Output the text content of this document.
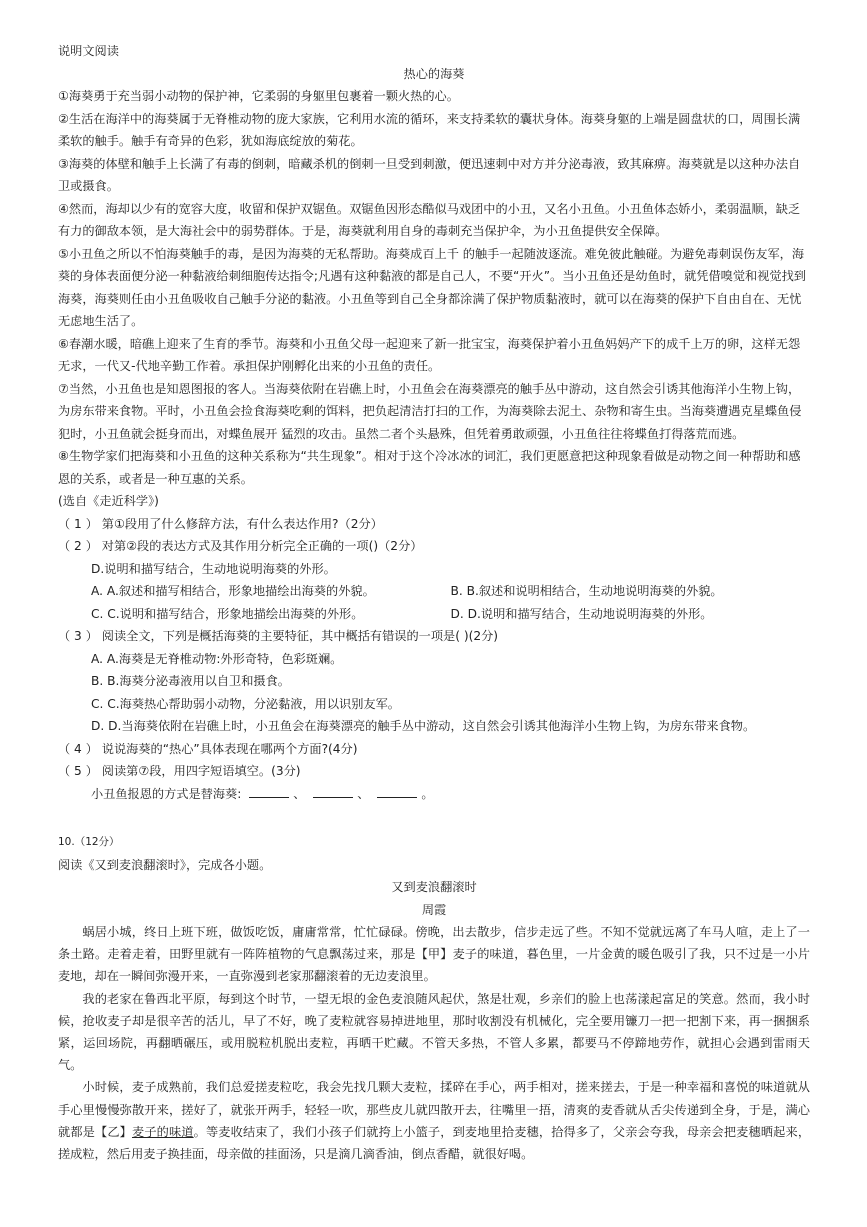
说明文阅读
热心的海葵
①海葵勇于充当弱小动物的保护神，它柔弱的身躯里包裹着一颗火热的心。
②生活在海洋中的海葵属于无脊椎动物的庞大家族，它利用水流的循环，来支持柔软的囊状身体。海葵身躯的上端是圆盘状的口，周围长满柔软的触手。触手有奇异的色彩，犹如海底绽放的菊花。
③海葵的体壁和触手上长满了有毒的倒刺，暗藏杀机的倒刺一旦受到刺激，便迅速刺中对方并分泌毒液，致其麻痹。海葵就是以这种办法自卫或摄食。
④然而，海却以少有的宽容大度，收留和保护双锯鱼。双锯鱼因形态酷似马戏团中的小丑，又名小丑鱼。小丑鱼体态娇小，柔弱温顺，缺乏有力的御敌本领，是大海社会中的弱势群体。于是，海葵就利用自身的毒刺充当保护伞，为小丑鱼提供安全保障。
⑤小丑鱼之所以不怕海葵触手的毒，是因为海葵的无私帮助。海葵成百上千 的触手一起随波逐流。难免彼此触碰。为避免毒刺误伤友军，海葵的身体表面便分泌一种黏液给刺细胞传达指令;凡遇有这种黏液的都是自己人，不要“开火”。当小丑鱼还是幼鱼时，就凭借嗅觉和视觉找到海葵，海葵则任由小丑鱼吸收自己触手分泌的黏液。小丑鱼等到自己全身都涂满了保护物质黏液时，就可以在海葵的保护下自由自在、无忧无虑地生活了。
⑥春潮水暖，暗礁上迎来了生育的季节。海葵和小丑鱼父母一起迎来了新一批宝宝，海葵保护着小丑鱼妈妈产下的成千上万的卵，这样无怨无求，一代又-代地辛勤工作着。承担保护刚孵化出来的小丑鱼的责任。
⑦当然，小丑鱼也是知恩图报的客人。当海葵依附在岩礁上时，小丑鱼会在海葵漂亮的触手丛中游动，这自然会引诱其他海洋小生物上钩，为房东带来食物。平时，小丑鱼会捡食海葵吃剩的饵料，把负起清洁打扫的工作，为海葵除去泥土、杂物和寄生虫。当海葵遭遇克星蝶鱼侵犯时，小丑鱼就会挺身而出，对蝶鱼展开 猛烈的攻击。虽然二者个头悬殊，但凭着勇敢顽强，小丑鱼往往将蝶鱼打得落荒而逃。
⑧生物学家们把海葵和小丑鱼的这种关系称为“共生现象”。相对于这个冷冰冰的词汇，我们更愿意把这种现象看做是动物之间一种帮助和感恩的关系，或者是一种互惠的关系。
(选自《走近科学》)
（ 1 ） 第①段用了什么修辞方法，有什么表达作用?（2分）
（ 2 ） 对第②段的表达方式及其作用分析完全正确的一项()（2分）
D.说明和描写结合，生动地说明海葵的外形。
A. A.叙述和描写相结合，形象地描绘出海葵的外貌。	B. B.叙述和说明相结合，生动地说明海葵的外貌。
C. C.说明和描写结合，形象地描绘出海葵的外形。	D. D.说明和描写结合，生动地说明海葵的外形。
（ 3 ） 阅读全文，下列是概括海葵的主要特征，其中概括有错误的一项是( )(2分)
A. A.海葵是无脊椎动物:外形奇特，色彩斑斓。
B. B.海葵分泌毒液用以自卫和摄食。
C. C.海葵热心帮助弱小动物，分泌黏液，用以识别友军。
D. D.当海葵依附在岩礁上时，小丑鱼会在海葵漂亮的触手丛中游动，这自然会引诱其他海洋小生物上钩，为房东带来食物。
（ 4 ） 说说海葵的“热心”具体表现在哪两个方面?(4分)
（ 5 ） 阅读第⑦段，用四字短语填空。(3分)
小丑鱼报恩的方式是替海葵:	、	、	。
10.（12分）
阅读《又到麦浪翻滚时》，完成各小题。
又到麦浪翻滚时
周霞
蜗居小城，终日上班下班，做饭吃饭，庸庸常常，忙忙碌碌。傍晚，出去散步，信步走远了些。不知不觉就远离了车马人喧，走上了一条土路。走着走着，田野里就有一阵阵植物的气息飘荡过来，那是【甲】麦子的味道，暮色里，一片金黄的暖色吸引了我，只不过是一小片麦地，却在一瞬间弥漫开来，一直弥漫到老家那翻滚着的无边麦浪里。
我的老家在鲁西北平原，每到这个时节，一望无垠的金色麦浪随风起伏，煞是壮观，乡亲们的脸上也荡漾起富足的笑意。然而，我小时候，抢收麦子却是很辛苦的活儿，早了不好，晚了麦粒就容易掉进地里，那时收割没有机械化，完全要用镰刀一把一把割下来，再一捆捆系紧，运回场院，再翻晒碾压，或用脱粒机脱出麦粒，再晒干贮藏。不管天多热，不管人多累，都要马不停蹄地劳作，就担心会遇到雷雨天气。
小时候，麦子成熟前，我们总爱搓麦粒吃，我会先找几颗大麦粒，揉碎在手心，两手相对，搓来搓去，于是一种幸福和喜悦的味道就从手心里慢慢弥散开来，搓好了，就张开两手，轻轻一吹，那些皮儿就四散开去，往嘴里一捂，清爽的麦香就从舌尖传递到全身，于是，满心就都是【乙】麦子的味道。等麦收结束了，我们小孩子们就挎上小篮子，到麦地里拾麦穗，拾得多了，父亲会夸我，母亲会把麦穗晒起来，搓成粒，然后用麦子换挂面，母亲做的挂面汤，只是滴几滴香油，倒点香醋，就很好喝。
